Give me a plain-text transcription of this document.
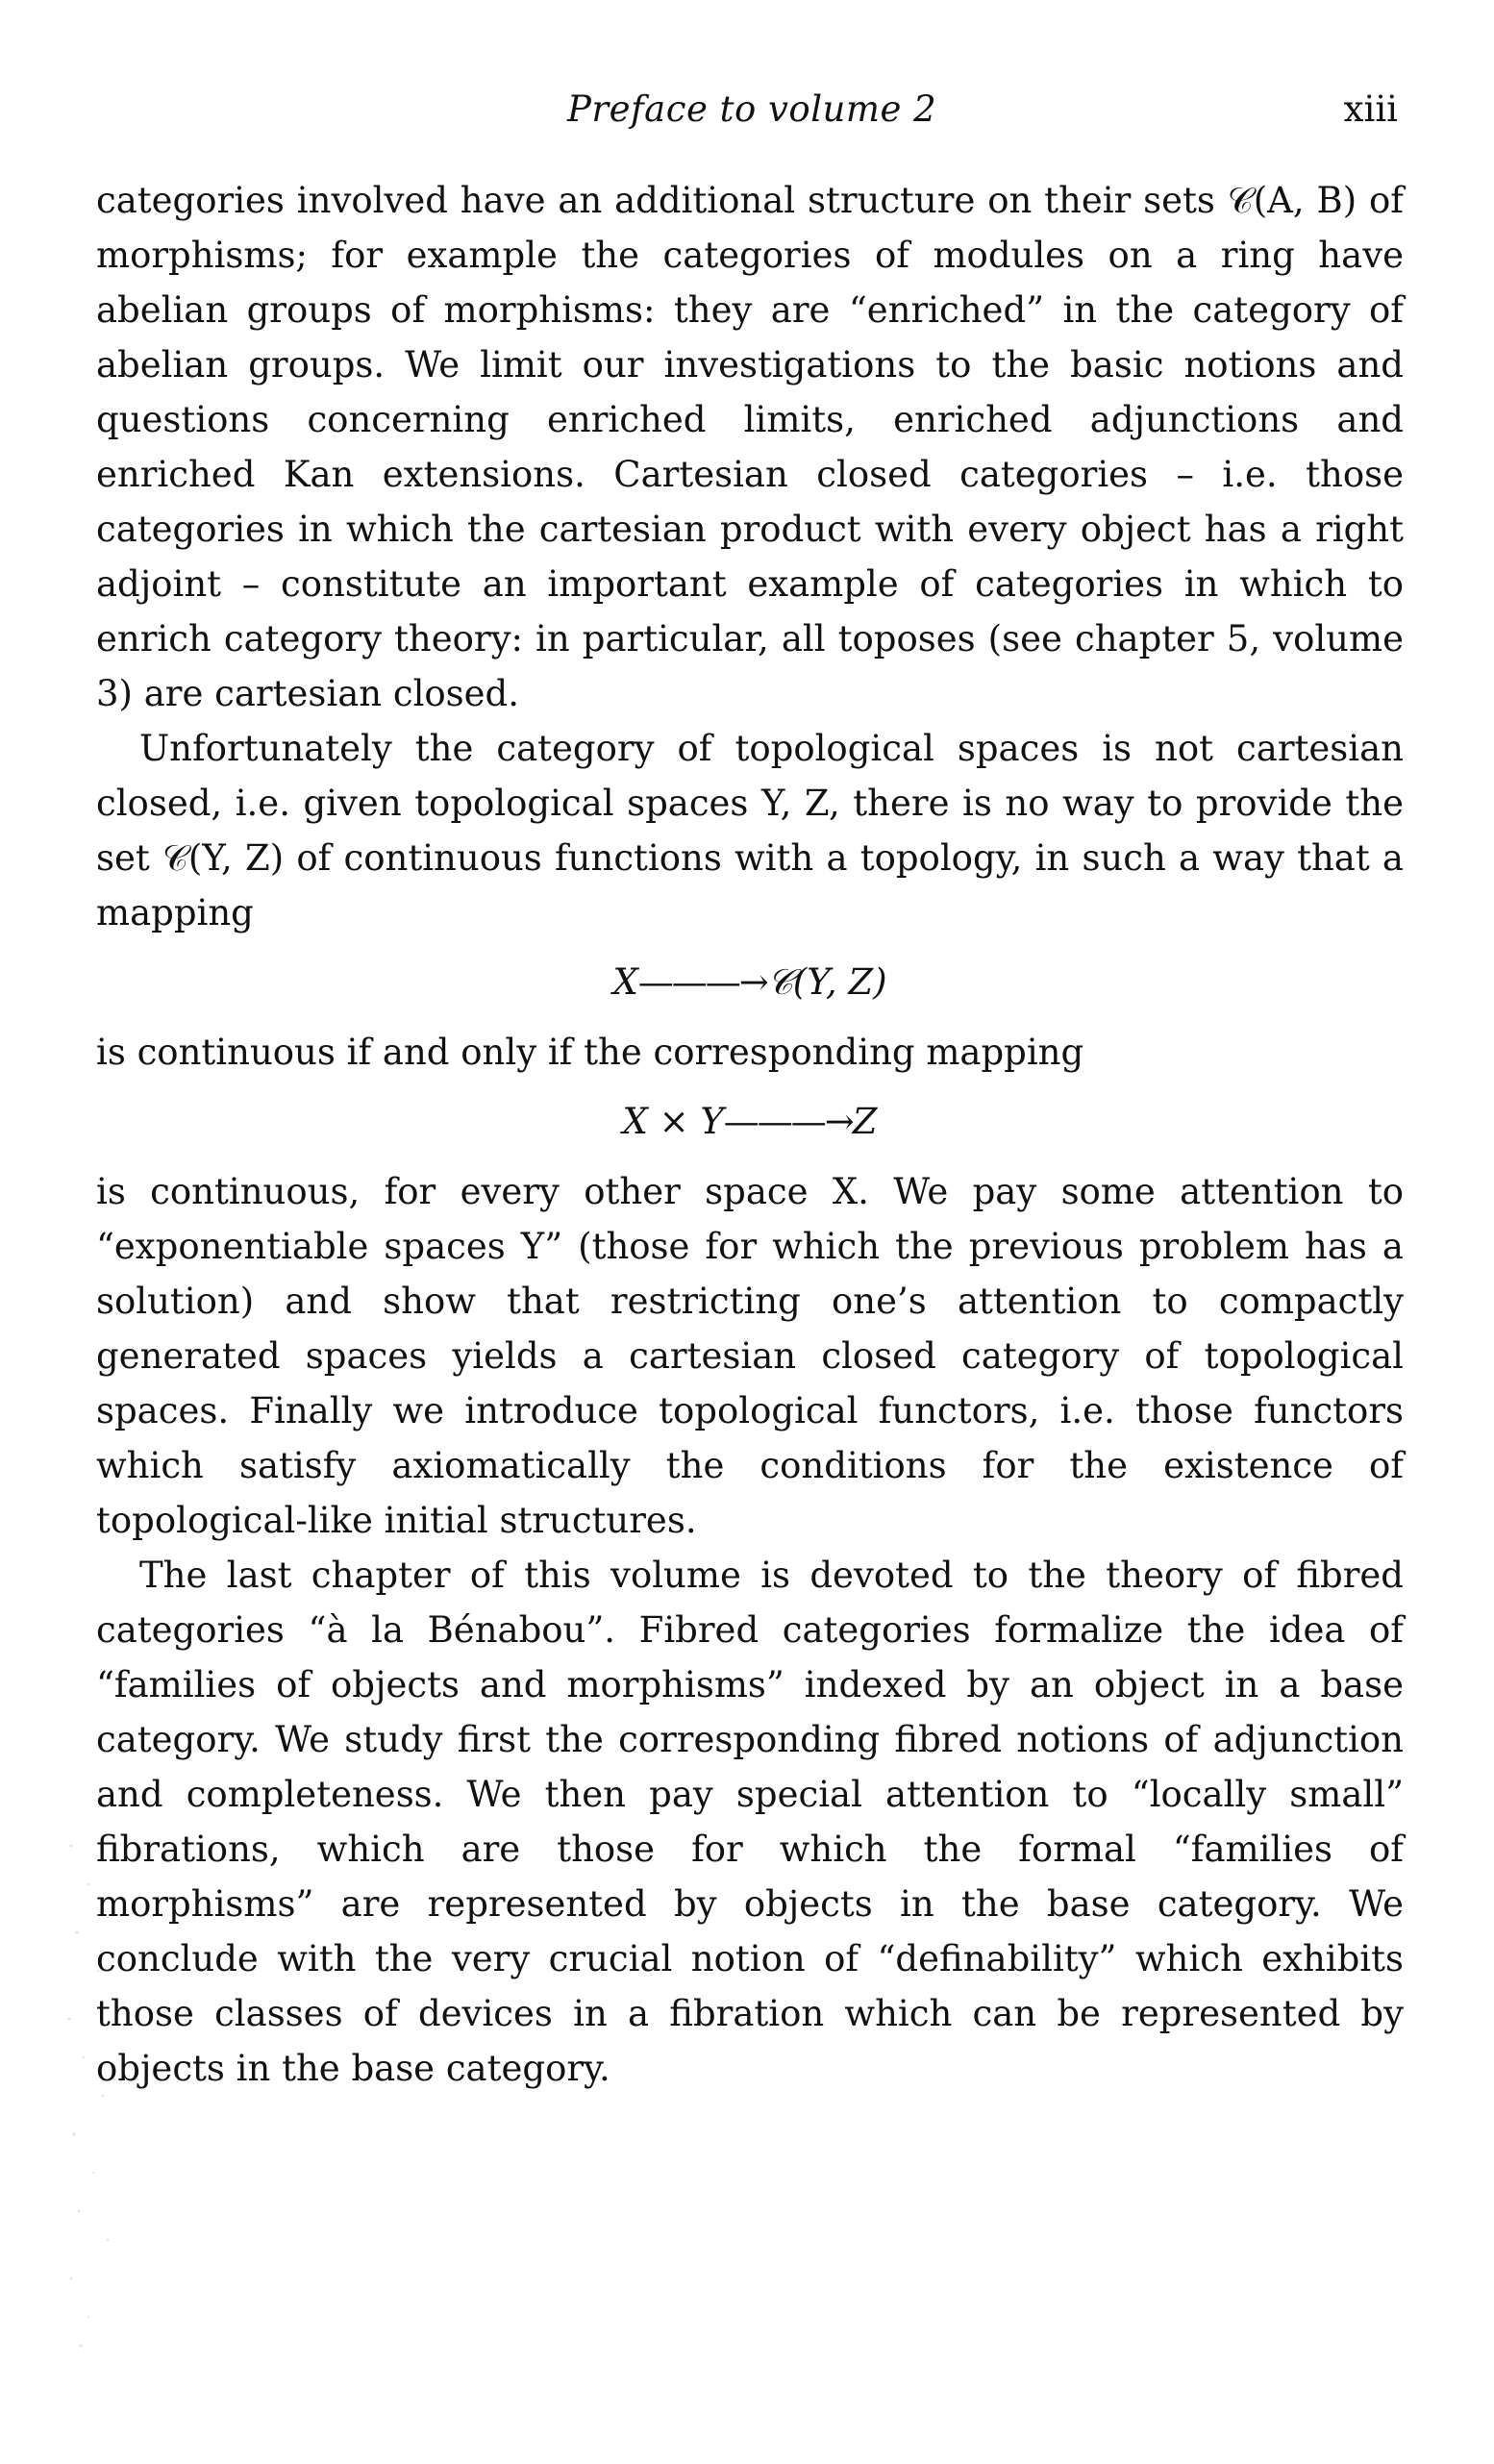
Preface to volume 2	xiii

categories involved have an additional structure on their sets 𝒞(A, B) of morphisms; for example the categories of modules on a ring have abelian groups of morphisms: they are “enriched” in the category of abelian groups. We limit our investigations to the basic notions and questions concerning enriched limits, enriched adjunctions and enriched Kan extensions. Cartesian closed categories – i.e. those categories in which the cartesian product with every object has a right adjoint – constitute an important example of categories in which to enrich category theory: in particular, all toposes (see chapter 5, volume 3) are cartesian closed.

Unfortunately the category of topological spaces is not cartesian closed, i.e. given topological spaces Y, Z, there is no way to provide the set 𝒞(Y, Z) of continuous functions with a topology, in such a way that a mapping

X———→𝒞(Y, Z)

is continuous if and only if the corresponding mapping

X × Y———→Z

is continuous, for every other space X. We pay some attention to “exponentiable spaces Y” (those for which the previous problem has a solution) and show that restricting one’s attention to compactly generated spaces yields a cartesian closed category of topological spaces. Finally we introduce topological functors, i.e. those functors which satisfy axiomatically the conditions for the existence of topological-like initial structures.

The last chapter of this volume is devoted to the theory of fibred categories “à la Bénabou”. Fibred categories formalize the idea of “families of objects and morphisms” indexed by an object in a base category. We study first the corresponding fibred notions of adjunction and completeness. We then pay special attention to “locally small” fibrations, which are those for which the formal “families of morphisms” are represented by objects in the base category. We conclude with the very crucial notion of “definability” which exhibits those classes of devices in a fibration which can be represented by objects in the base category.
